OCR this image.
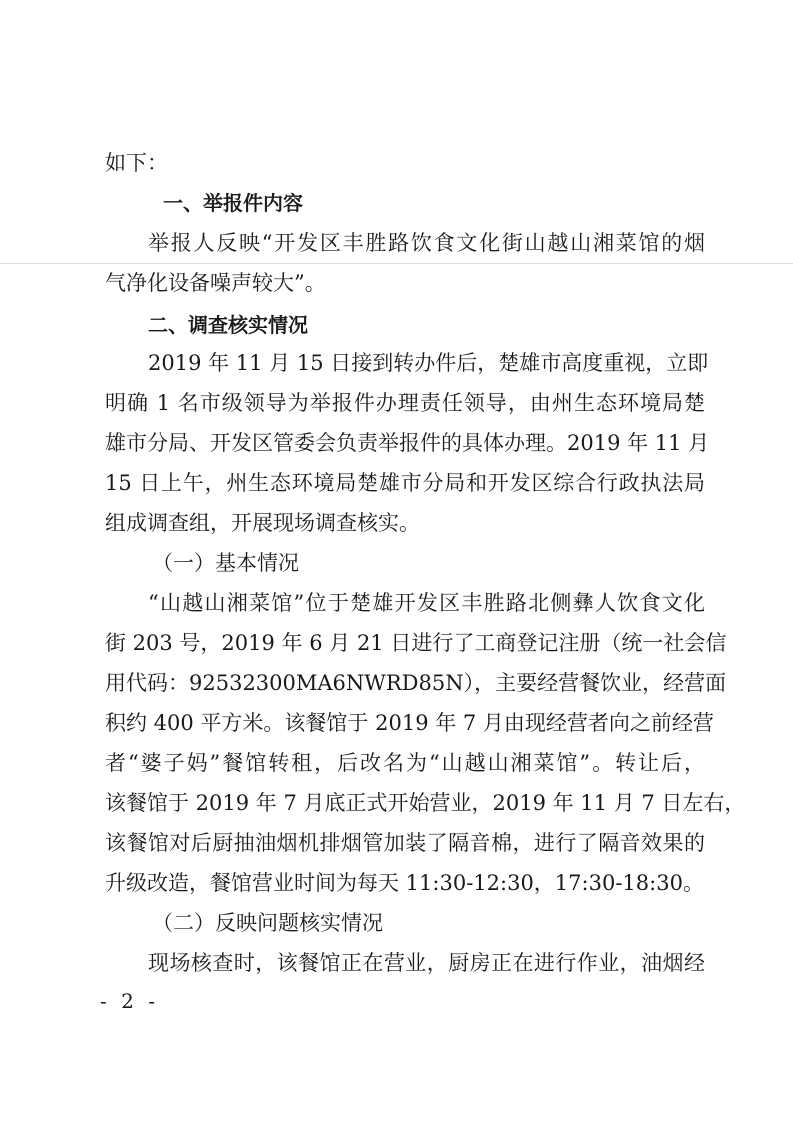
如下：
一、举报件内容
举报人反映“开发区丰胜路饮食文化街山越山湘菜馆的烟
气净化设备噪声较大”。
二、调查核实情况
2019 年 11 月 15 日接到转办件后，楚雄市高度重视，立即
明确 1 名市级领导为举报件办理责任领导，由州生态环境局楚
雄市分局、开发区管委会负责举报件的具体办理。2019 年 11 月
15 日上午，州生态环境局楚雄市分局和开发区综合行政执法局
组成调查组，开展现场调查核实。
（一）基本情况
“山越山湘菜馆”位于楚雄开发区丰胜路北侧彝人饮食文化
街 203 号，2019 年 6 月 21 日进行了工商登记注册（统一社会信
用代码：92532300MA6NWRD85N），主要经营餐饮业，经营面
积约 400 平方米。该餐馆于 2019 年 7 月由现经营者向之前经营
者“婆子妈”餐馆转租，后改名为“山越山湘菜馆”。转让后，
该餐馆于 2019 年 7 月底正式开始营业，2019 年 11 月 7 日左右，
该餐馆对后厨抽油烟机排烟管加装了隔音棉，进行了隔音效果的
升级改造，餐馆营业时间为每天 11:30-12:30，17:30-18:30。
（二）反映问题核实情况
现场核查时，该餐馆正在营业，厨房正在进行作业，油烟经
- 2 -
